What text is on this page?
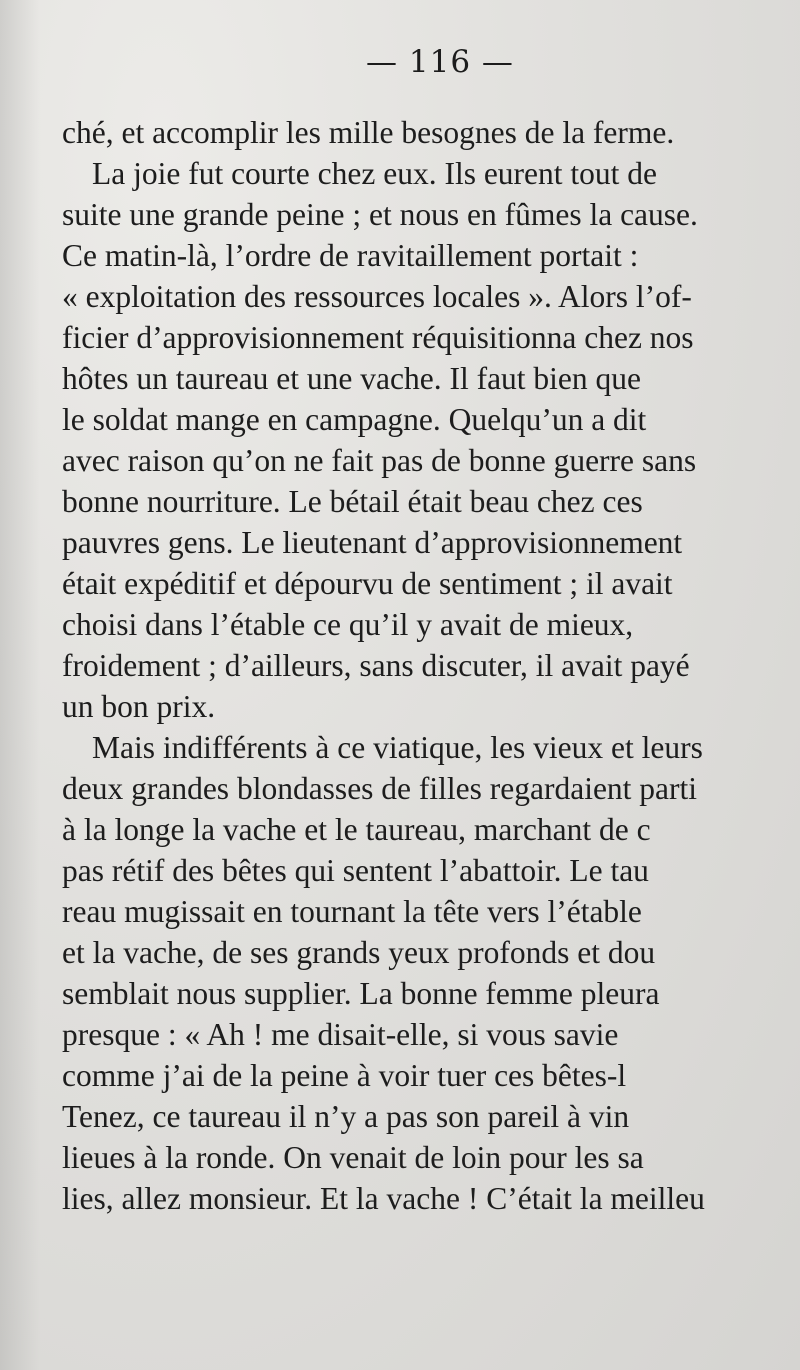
— 116 —
ché, et accomplir les mille besognes de la ferme.
La joie fut courte chez eux. Ils eurent tout de
suite une grande peine ; et nous en fûmes la cause.
Ce matin-là, l’ordre de ravitaillement portait :
« exploitation des ressources locales ». Alors l’of-
ficier d’approvisionnement réquisitionna chez nos
hôtes un taureau et une vache. Il faut bien que
le soldat mange en campagne. Quelqu’un a dit
avec raison qu’on ne fait pas de bonne guerre sans
bonne nourriture. Le bétail était beau chez ces
pauvres gens. Le lieutenant d’approvisionnement
était expéditif et dépourvu de sentiment ; il avait
choisi dans l’étable ce qu’il y avait de mieux,
froidement ; d’ailleurs, sans discuter, il avait payé
un bon prix.
Mais indifférents à ce viatique, les vieux et leurs
deux grandes blondasses de filles regardaient parti
à la longe la vache et le taureau, marchant de c
pas rétif des bêtes qui sentent l’abattoir. Le tau
reau mugissait en tournant la tête vers l’étable
et la vache, de ses grands yeux profonds et dou
semblait nous supplier. La bonne femme pleura
presque : « Ah ! me disait-elle, si vous savie
comme j’ai de la peine à voir tuer ces bêtes-l
Tenez, ce taureau il n’y a pas son pareil à vin
lieues à la ronde. On venait de loin pour les sa
lies, allez monsieur. Et la vache ! C’était la meilleu
